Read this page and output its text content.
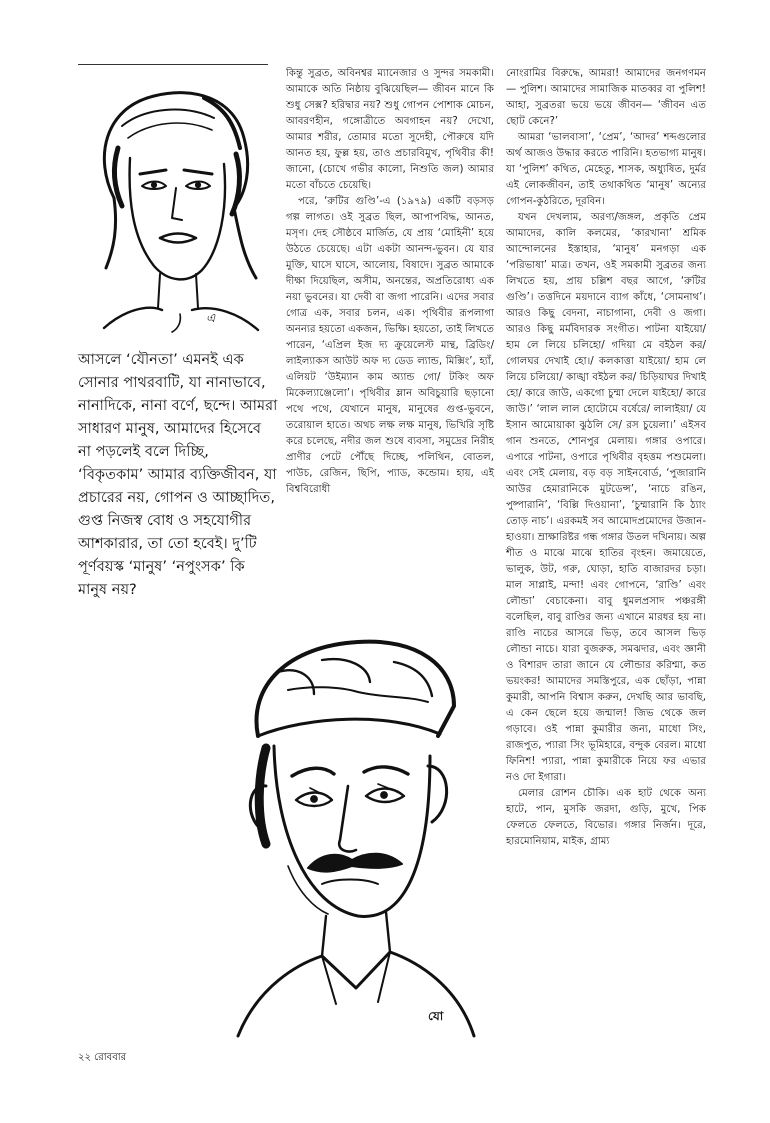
এ

আসলে ‘যৌনতা’ এমনই এক সোনার পাথরবাটি, যা নানাভাবে, নানাদিকে, নানা বর্ণে, ছন্দে। আমরা সাধারণ মানুষ, আমাদের হিসেবে না পড়লেই বলে দিচ্ছি, ‘বিকৃতকাম’ আমার ব্যক্তিজীবন, যা প্রচারের নয়, গোপন ও আচ্ছাদিত, গুপ্ত নিজস্ব বোধ ও সহযোগীর আশকারার, তা তো হবেই। দু’টি পূর্ণবয়স্ক ‘মানুষ’ ‘নপুংসক’ কি মানুষ নয়?

কিন্তু সুব্রত, অবিনশ্বর ম্যানেজার ও সুন্দর সমকামী। আমাকে অতি নিষ্ঠায় বুঝিয়েছিল— জীবন মানে কি শুধু সেক্স? হরিদ্বার নয়? শুধু গোপন পোশাক মোচন, আবরণহীন, গঙ্গোত্রীতে অবগাহন নয়? দেখো, আমার শরীর, তোমার মতো সুদেহী, পৌরুষে যদি আনত হয়, ফুল্ল হয়, তাও প্রচারবিমুখ, পৃথিবীর কী! জানো, (চোখে গভীর কালো, নিশুতি জল) আমার মতো বাঁচতে চেয়েছি।

পরে, ‘রুটির গুণ্ডি’-এ (১৯৭৯) একটি বড়সড় গল্প লাগত। ওই সুব্রত ছিল, আপাপবিদ্ধ, আনত, মসৃণ। দেহ সৌষ্ঠবে মার্জিত, যে প্রায় ‘মোহিনী’ হয়ে উঠতে চেয়েছে। এটা একটা আনন্দ-ভুবন। যে যার মুক্তি, ঘাসে ঘাসে, আলোয়, বিষাদে। সুব্রত আমাকে দীক্ষা দিয়েছিল, অসীম, অনন্তের, অপ্রতিরোধ্য এক নয়া ভুবনের। যা দেবী বা জগা পারেনি। এদের সবার গোত্র এক, সবার চলন, এক। পৃথিবীর রূপলাগা অনন্যর হয়তো একজন, ভিক্ষি। হয়তো, তাই লিখতে পারেন, ‘এপ্রিল ইজ দ্য ক্রুয়েলেস্ট মান্থ, ব্রিডিং/ লাইল্যাকস আউট অফ দ্য ডেড ল্যান্ড, মিক্সিং’, হ্যাঁ, এলিয়ট ‘উইম্যান কাম অ্যান্ড গো/ টকিং অফ মিকেল্যাঞ্জেলো’। পৃথিবীর ম্লান অবিচুয়ারি ছড়ানো পথে পথে, যেখানে মানুষ, মানুষের গুপ্ত-ভুবনে, তরোয়াল হাতে। অথচ লক্ষ লক্ষ মানুষ, ভিখিরি সৃষ্টি করে চলেছে, নদীর জল শুষে ব্যবসা, সমুদ্রের নিরীহ প্রাণীর পেটে পৌঁছে দিচ্ছে, পলিথিন, বোতল, পাউচ, রেজিন, ছিপি, প্যাড, কন্ডোম। হায়, এই বিশ্ববিরোধী

নোংরামির বিরুদ্ধে, আমরা! আমাদের জনগণমন— পুলিশ। আমাদের সামাজিক মাতব্বর বা পুলিশ! আহা, সুব্রতরা ভয়ে ভয়ে জীবন— ‘জীবন এত ছোট কেনে?’

আমরা ‘ভালবাসা’, ‘প্রেম’, ‘আদর’ শব্দগুলোর অর্থ আজও উদ্ধার করতে পারিনি। হতভাগ্য মানুষ। যা ‘পুলিশ’ কথিত, মেহেতু, শাসক, অধ্যুষিত, দুর্মর এই লোকজীবন, তাই তথাকথিত ‘মানুষ’ অন্যের গোপন-কুঠরিতে, দূরবিন।

যখন দেখলাম, অরণ্য/জঙ্গল, প্রকৃতি প্রেম আমাদের, কালি কলমের, ‘কারখানা’ শ্রমিক আন্দোলনের ইস্তাহার, ‘মানুষ’ মনগড়া এক ‘পরিভাষা’ মাত্র। তখন, ওই সমকামী সুব্রতর জন্য লিখতে হয়, প্রায় চল্লিশ বছর আগে, ‘রুটির গুণ্ডি’। তত্তদিনে ময়দানে ব্যাগ কাঁধে, ‘সোমনাথ’। আরও কিছু বেদনা, নাচাগানা, দেবী ও জগা। আরও কিছু মর্মবিদারক সংগীত। পাটনা যাইয়ো/ হাম লে লিয়ে চলিহো/ গদিয়া মে বইঠল কর/ গোলঘর দেখাই হো।/ কলকাত্তা যাইয়ো/ হাম লে লিয়ে চলিয়ো/ কাঙ্খা বইঠল কর/ চিড়িয়াঘর দিখাই হো/ কারে জাউ, একগো চুম্মা দেলে যাইহো/ কারে জাউ।’ ‘লাল লাল হোটোমে বর্ষেরে/ লালাইয়া/ যে ইসান আমোয়াকা ঝুঠলি সে/ রস চুয়েলা।’ এইসব গান শুনতে, শোনপুর মেলায়। গঙ্গার ওপারে। এপারে পাটনা, ওপারে পৃথিবীর বৃহত্তম পশুমেলা। এবং সেই মেলায়, বড় বড় সাইনবোর্ড, ‘পুজারানি আউর হেমারানিকে মুটডেন্স’, ‘নাচে রঙিন, পুষ্পারানি’, ‘বিল্লি দিওয়ানা’, ‘চুম্মারানি কি ঠ্যাং তোড় নাচ’। এরকমই সব আমোদপ্রমোদের উজান-হাওয়া। ম্রাক্ষারিষ্টর গন্ধ গঙ্গার উতল দখিনায়। অল্প শীত ও মাঝে মাঝে হাতির বৃংহন। জমায়েতে, ভালুক, উট, গরু, ঘোড়া, হাতি বাজারদর চড়া। মাল সাপ্লাই, মন্দা! এবং গোপনে, ‘রাণ্ডি’ এবং লৌন্ডা’ বেচাকেনা। বাবু ধুমলপ্রসাদ পঞ্চরঙ্গী বলেছিল, বাবু রাণ্ডির জন্য এখানে মারধর হয় না। রাণ্ডি নাচের আসরে ভিড়, তবে আসল ভিড় লৌন্ডা নাচে। যারা বুজরুক, সমঝদার, এবং জ্ঞানী ও বিশারদ তারা জানে যে লৌন্ডার করিশ্মা, কত ভয়ংকর! আমাদের সমস্তিপুরে, এক ছোঁড়া, পান্না কুমারী, আপনি বিশ্বাস করুন, দেখছি আর ভাবছি, এ কেন ছেলে হয়ে জন্মাল! জিভ থেকে জল গড়াবে। ওই পান্না কুমারীর জন্য, মাধো সিং, রাজপুত, প্যারা সিং ভূমিহারে, বন্দুক বেরল। মাধো ফিনিশ! প্যারা, পান্না কুমারীকে নিয়ে ফর এভার নও দো ইগারা।

মেলার রোশন চৌকি। এক হাট থেকে অন্য হাটে, পান, মুসকি জরদা, গুড়ি, মুখে, পিক ফেলতে ফেলতে, বিভোর। গঙ্গার নির্জন। দূরে, হারমোনিয়াম, মাইক, গ্রাম্য

যো
২২ রোববার
